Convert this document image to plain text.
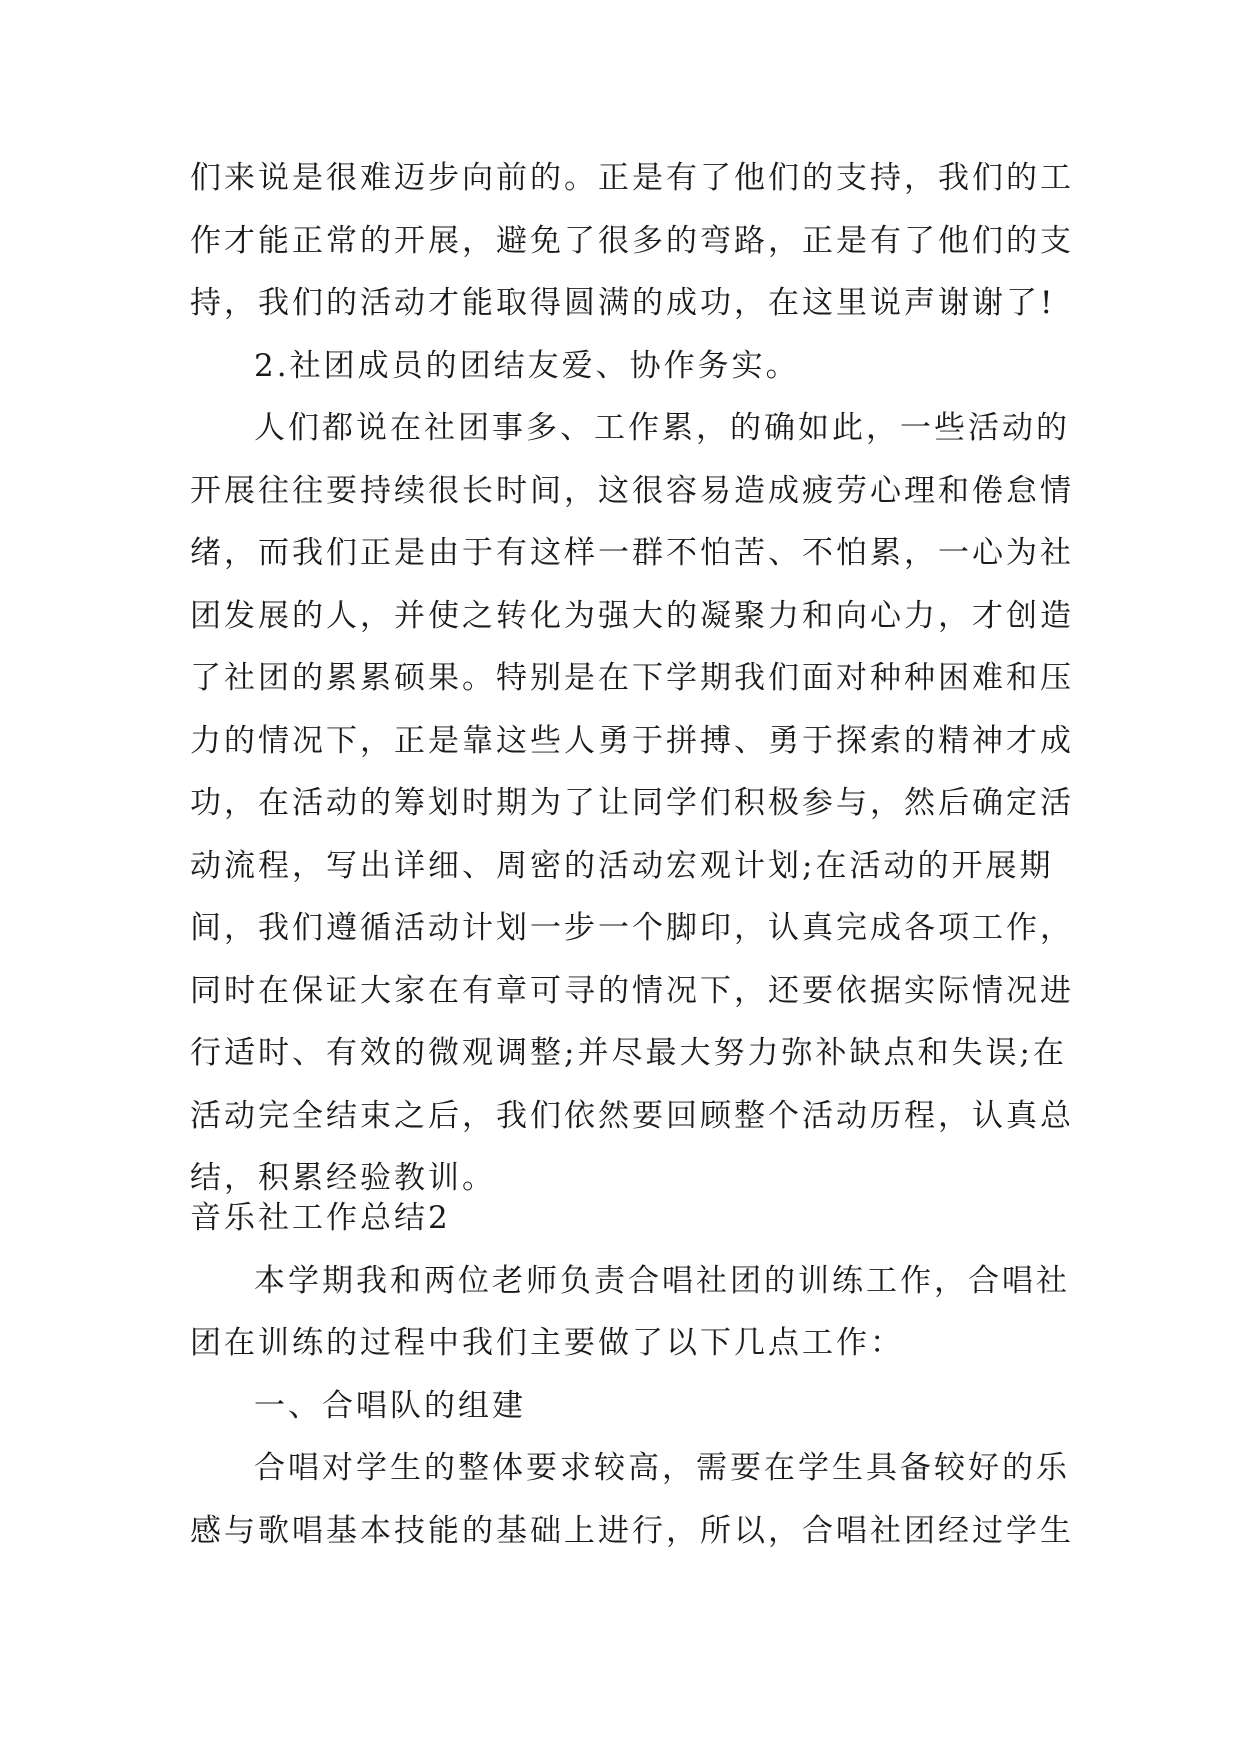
们来说是很难迈步向前的。正是有了他们的支持，我们的工
作才能正常的开展，避免了很多的弯路，正是有了他们的支
持，我们的活动才能取得圆满的成功，在这里说声谢谢了!
2.社团成员的团结友爱、协作务实。
人们都说在社团事多、工作累，的确如此，一些活动的
开展往往要持续很长时间，这很容易造成疲劳心理和倦怠情
绪，而我们正是由于有这样一群不怕苦、不怕累，一心为社
团发展的人，并使之转化为强大的凝聚力和向心力，才创造
了社团的累累硕果。特别是在下学期我们面对种种困难和压
力的情况下，正是靠这些人勇于拼搏、勇于探索的精神才成
功，在活动的筹划时期为了让同学们积极参与，然后确定活
动流程，写出详细、周密的活动宏观计划;在活动的开展期
间，我们遵循活动计划一步一个脚印，认真完成各项工作，
同时在保证大家在有章可寻的情况下，还要依据实际情况进
行适时、有效的微观调整;并尽最大努力弥补缺点和失误;在
活动完全结束之后，我们依然要回顾整个活动历程，认真总
结，积累经验教训。
音乐社工作总结2
本学期我和两位老师负责合唱社团的训练工作，合唱社
团在训练的过程中我们主要做了以下几点工作：
一、合唱队的组建
合唱对学生的整体要求较高，需要在学生具备较好的乐
感与歌唱基本技能的基础上进行，所以，合唱社团经过学生
